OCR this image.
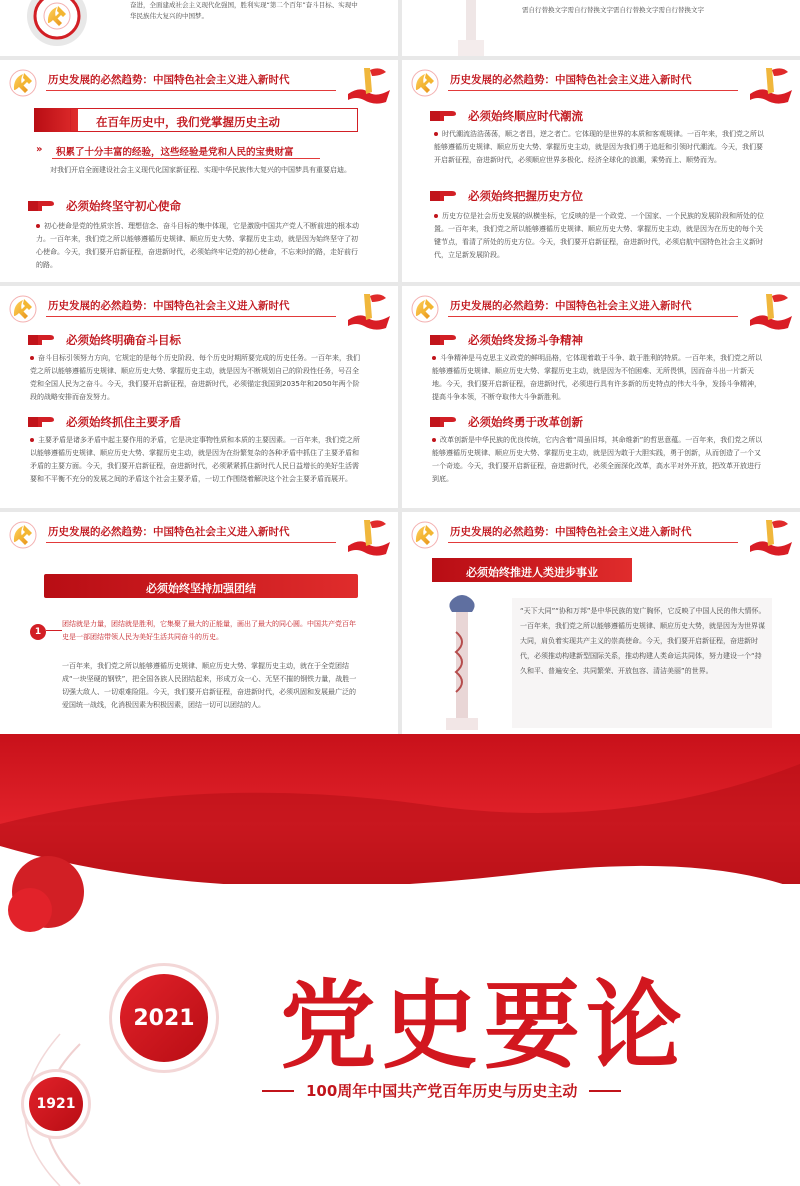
奋进，全面建成社会主义现代化强国，胜利实现“第二个百年”奋斗目标、实现中
华民族伟大复兴的中国梦。
需自行替换文字需自行替换文字需自行替换文字需自行替换文字
历史发展的必然趋势：中国特色社会主义进入新时代
在百年历史中，我们党掌握历史主动
» 积累了十分丰富的经验，这些经验是党和人民的宝贵财富
对我们开启全面建设社会主义现代化国家新征程、实现中华民族伟大复兴的中国梦具有重要启迪。
必须始终坚守初心使命
初心使命是党的性质宗旨、理想信念、奋斗目标的集中体现，它是激励中国共产党人不断前进的根本动力。一百年来，我们党之所以能够遵循历史规律、顺应历史大势、掌握历史主动，就是因为始终坚守了初心使命。今天，我们要开启新征程，奋进新时代，必须始终牢记党的初心使命，不忘来时的路，走好前行的路。
历史发展的必然趋势：中国特色社会主义进入新时代
必须始终顺应时代潮流
时代潮流浩浩荡荡，顺之者昌，逆之者亡。它体现的是世界的本质和客观规律。一百年来，我们党之所以能够遵循历史规律、顺应历史大势、掌握历史主动，就是因为我们勇于追赶和引领时代潮流。今天，我们要开启新征程，奋进新时代，必须顺应世界多极化、经济全球化的浪潮，乘势而上、顺势而为。
必须始终把握历史方位
历史方位是社会历史发展的纵横坐标，它反映的是一个政党、一个国家、一个民族的发展阶段和所处的位置。一百年来，我们党之所以能够遵循历史规律、顺应历史大势、掌握历史主动，就是因为在历史的每个关键节点，看清了所处的历史方位。今天，我们要开启新征程，奋进新时代，必须启航中国特色社会主义新时代，立足新发展阶段。
历史发展的必然趋势：中国特色社会主义进入新时代
必须始终明确奋斗目标
奋斗目标引领努力方向，它规定的是每个历史阶段、每个历史时期所要完成的历史任务。一百年来，我们党之所以能够遵循历史规律、顺应历史大势、掌握历史主动，就是因为不断规划自己的阶段性任务，号召全党和全国人民为之奋斗。今天，我们要开启新征程，奋进新时代，必须锚定我国到2035年和2050年两个阶段的战略安排而奋发努力。
必须始终抓住主要矛盾
主要矛盾是诸多矛盾中起主要作用的矛盾，它是决定事物性质和本质的主要因素。一百年来，我们党之所以能够遵循历史规律、顺应历史大势、掌握历史主动，就是因为在纷繁复杂的各种矛盾中抓住了主要矛盾和矛盾的主要方面。今天，我们要开启新征程，奋进新时代，必须紧紧抓住新时代人民日益增长的美好生活需要和不平衡不充分的发展之间的矛盾这个社会主要矛盾，一切工作围绕着解决这个社会主要矛盾而展开。
历史发展的必然趋势：中国特色社会主义进入新时代
必须始终发扬斗争精神
斗争精神是马克思主义政党的鲜明品格，它体现着敢于斗争、敢于胜利的特质。一百年来，我们党之所以能够遵循历史规律、顺应历史大势、掌握历史主动，就是因为不怕困难、无所畏惧，因而奋斗出一片新天地。今天，我们要开启新征程，奋进新时代，必须进行具有许多新的历史特点的伟大斗争，发扬斗争精神，提高斗争本领，不断夺取伟大斗争新胜利。
必须始终勇于改革创新
改革创新是中华民族的优良传统，它内含着“周虽旧邦，其命维新”的哲思意蕴。一百年来，我们党之所以能够遵循历史规律、顺应历史大势、掌握历史主动，就是因为敢于大胆实践，勇于创新，从而创造了一个又一个奇迹。今天，我们要开启新征程，奋进新时代，必须全面深化改革，高水平对外开放，把改革开放进行到底。
历史发展的必然趋势：中国特色社会主义进入新时代
必须始终坚持加强团结
1
团结就是力量，团结就是胜利，它集聚了最大的正能量，画出了最大的同心圆。中国共产党百年史是一部团结带领人民为美好生活共同奋斗的历史。
一百年来，我们党之所以能够遵循历史规律、顺应历史大势、掌握历史主动，就在于全党团结成“一块坚硬的钢铁”，把全国各族人民团结起来，形成万众一心、无坚不摧的钢铁力量，战胜一切强大敌人、一切艰难险阻。今天，我们要开启新征程，奋进新时代，必须巩固和发展最广泛的爱国统一战线，化消极因素为积极因素，团结一切可以团结的人。
历史发展的必然趋势：中国特色社会主义进入新时代
必须始终推进人类进步事业
“天下大同”“协和万邦”是中华民族的宽广胸怀，它反映了中国人民的伟大情怀。一百年来，我们党之所以能够遵循历史规律、顺应历史大势，就是因为为世界谋大同，肩负着实现共产主义的崇高使命。今天，我们要开启新征程，奋进新时代，必须推动构建新型国际关系，推动构建人类命运共同体，努力建设一个“持久和平、普遍安全、共同繁荣、开放包容、清洁美丽”的世界。
2021
1921
党史要论
100周年中国共产党百年历史与历史主动
